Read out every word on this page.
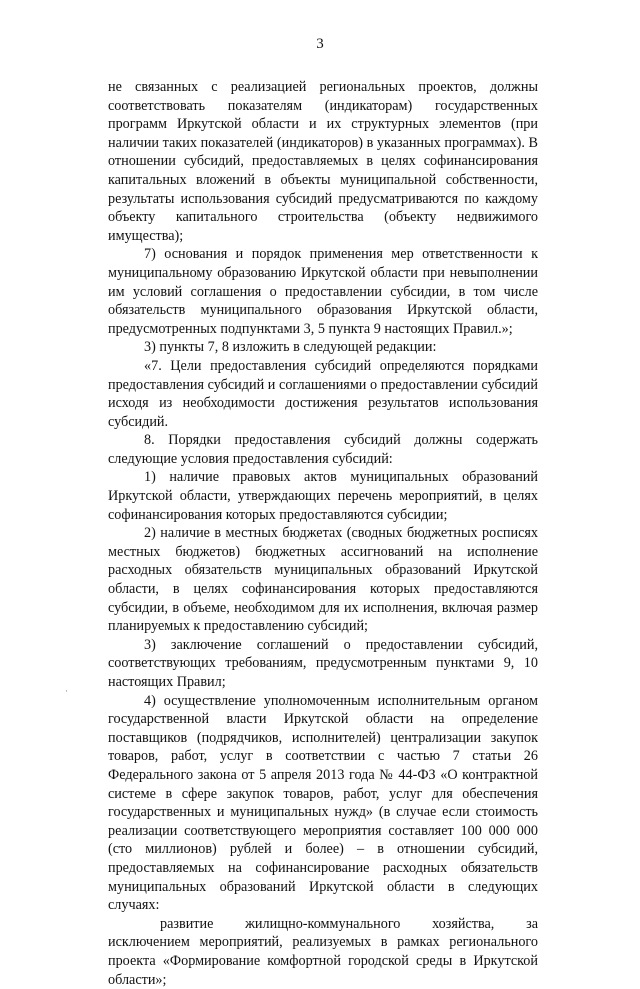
3

не связанных с реализацией региональных проектов, должны соответствовать показателям (индикаторам) государственных программ Иркутской области и их структурных элементов (при наличии таких показателей (индикаторов) в указанных программах). В отношении субсидий, предоставляемых в целях софинансирования капитальных вложений в объекты муниципальной собственности, результаты использования субсидий предусматриваются по каждому объекту капитального строительства (объекту недвижимого имущества);

7) основания и порядок применения мер ответственности к муниципальному образованию Иркутской области при невыполнении им условий соглашения о предоставлении субсидии, в том числе обязательств муниципального образования Иркутской области, предусмотренных подпунктами 3, 5 пункта 9 настоящих Правил.»;

3) пункты 7, 8 изложить в следующей редакции:

«7. Цели предоставления субсидий определяются порядками предоставления субсидий и соглашениями о предоставлении субсидий исходя из необходимости достижения результатов использования субсидий.

8. Порядки предоставления субсидий должны содержать следующие условия предоставления субсидий:

1) наличие правовых актов муниципальных образований Иркутской области, утверждающих перечень мероприятий, в целях софинансирования которых предоставляются субсидии;

2) наличие в местных бюджетах (сводных бюджетных росписях местных бюджетов) бюджетных ассигнований на исполнение расходных обязательств муниципальных образований Иркутской области, в целях софинансирования которых предоставляются субсидии, в объеме, необходимом для их исполнения, включая размер планируемых к предоставлению субсидий;

3) заключение соглашений о предоставлении субсидий, соответствующих требованиям, предусмотренным пунктами 9, 10 настоящих Правил;

4) осуществление уполномоченным исполнительным органом государственной власти Иркутской области на определение поставщиков (подрядчиков, исполнителей) централизации закупок товаров, работ, услуг в соответствии с частью 7 статьи 26 Федерального закона от 5 апреля 2013 года № 44-ФЗ «О контрактной системе в сфере закупок товаров, работ, услуг для обеспечения государственных и муниципальных нужд» (в случае если стоимость реализации соответствующего мероприятия составляет 100 000 000 (сто миллионов) рублей и более) – в отношении субсидий, предоставляемых на софинансирование расходных обязательств муниципальных образований Иркутской области в следующих случаях:

развитие жилищно-коммунального хозяйства, за исключением мероприятий, реализуемых в рамках регионального проекта «Формирование комфортной городской среды в Иркутской области»;

·
